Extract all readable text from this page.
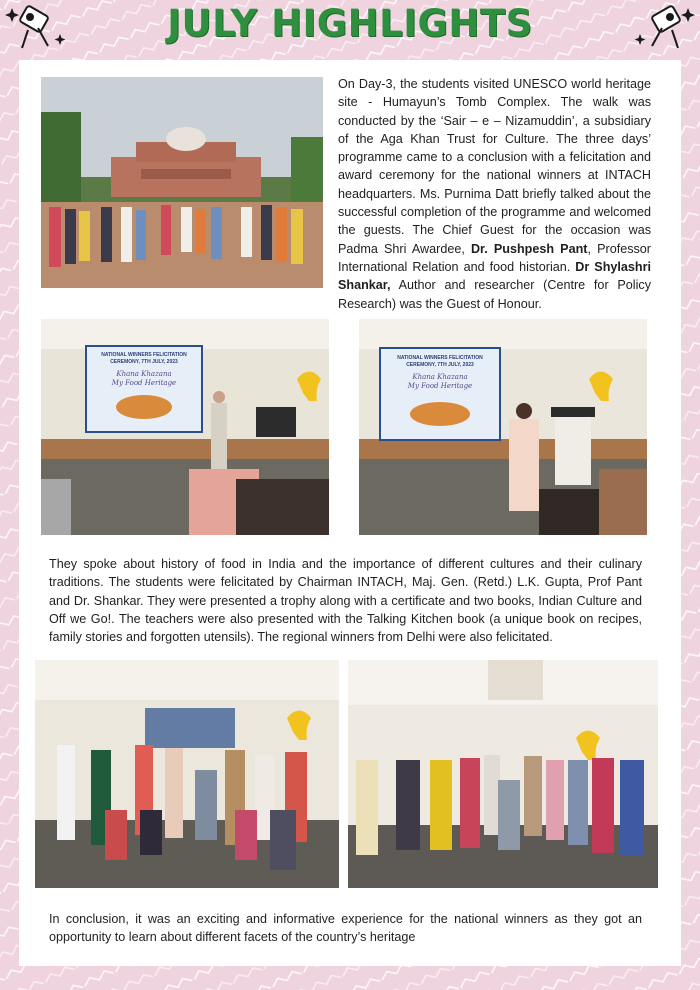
JULY HIGHLIGHTS

On Day-3, the students visited UNESCO world heritage site - Humayun’s Tomb Complex. The walk was conducted by the ‘Sair – e – Nizamuddin’, a subsidiary of the Aga Khan Trust for Culture. The three days’ programme came to a conclusion with a felicitation and award ceremony for the national winners at INTACH headquarters. Ms. Purnima Datt briefly talked about the successful completion of the programme and welcomed the guests. The Chief Guest for the occasion was Padma Shri Awardee, Dr. Pushpesh Pant, Professor International Relation and food historian. Dr Shylashri Shankar, Author and researcher (Centre for Policy Research) was the Guest of Honour.

NATIONAL WINNERS FELICITATION
CEREMONY, 7TH JULY, 2023
Khana Khazana
My Food Heritage
NATIONAL WINNERS FELICITATION
CEREMONY, 7TH JULY, 2023
Khana Khazana
My Food Heritage

They spoke about history of food in India and the importance of different cultures and their culinary traditions. The students were felicitated by Chairman INTACH, Maj. Gen. (Retd.) L.K. Gupta, Prof Pant and Dr. Shankar. They were presented a trophy along with a certificate and two books, Indian Culture and Off we Go!. The teachers were also presented with the Talking Kitchen book (a unique book on recipes, family stories and forgotten utensils). The regional winners from Delhi were also felicitated.

In conclusion, it was an exciting and informative experience for the national winners as they got an opportunity to learn about different facets of the country’s heritage
